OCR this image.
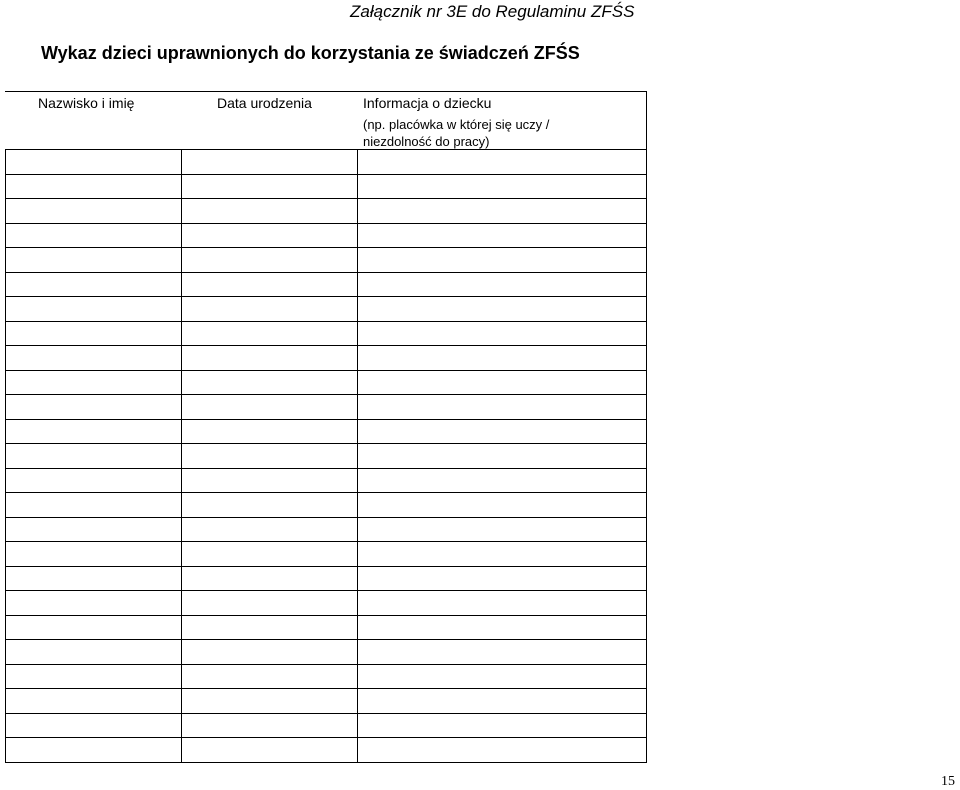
Załącznik nr 3E do Regulaminu ZFŚS
Wykaz dzieci uprawnionych do korzystania ze świadczeń ZFŚS
Nazwisko i imię	Data urodzenia	Informacja o dziecku
(np. placówka w której się uczy /
niezdolność do pracy)
15
